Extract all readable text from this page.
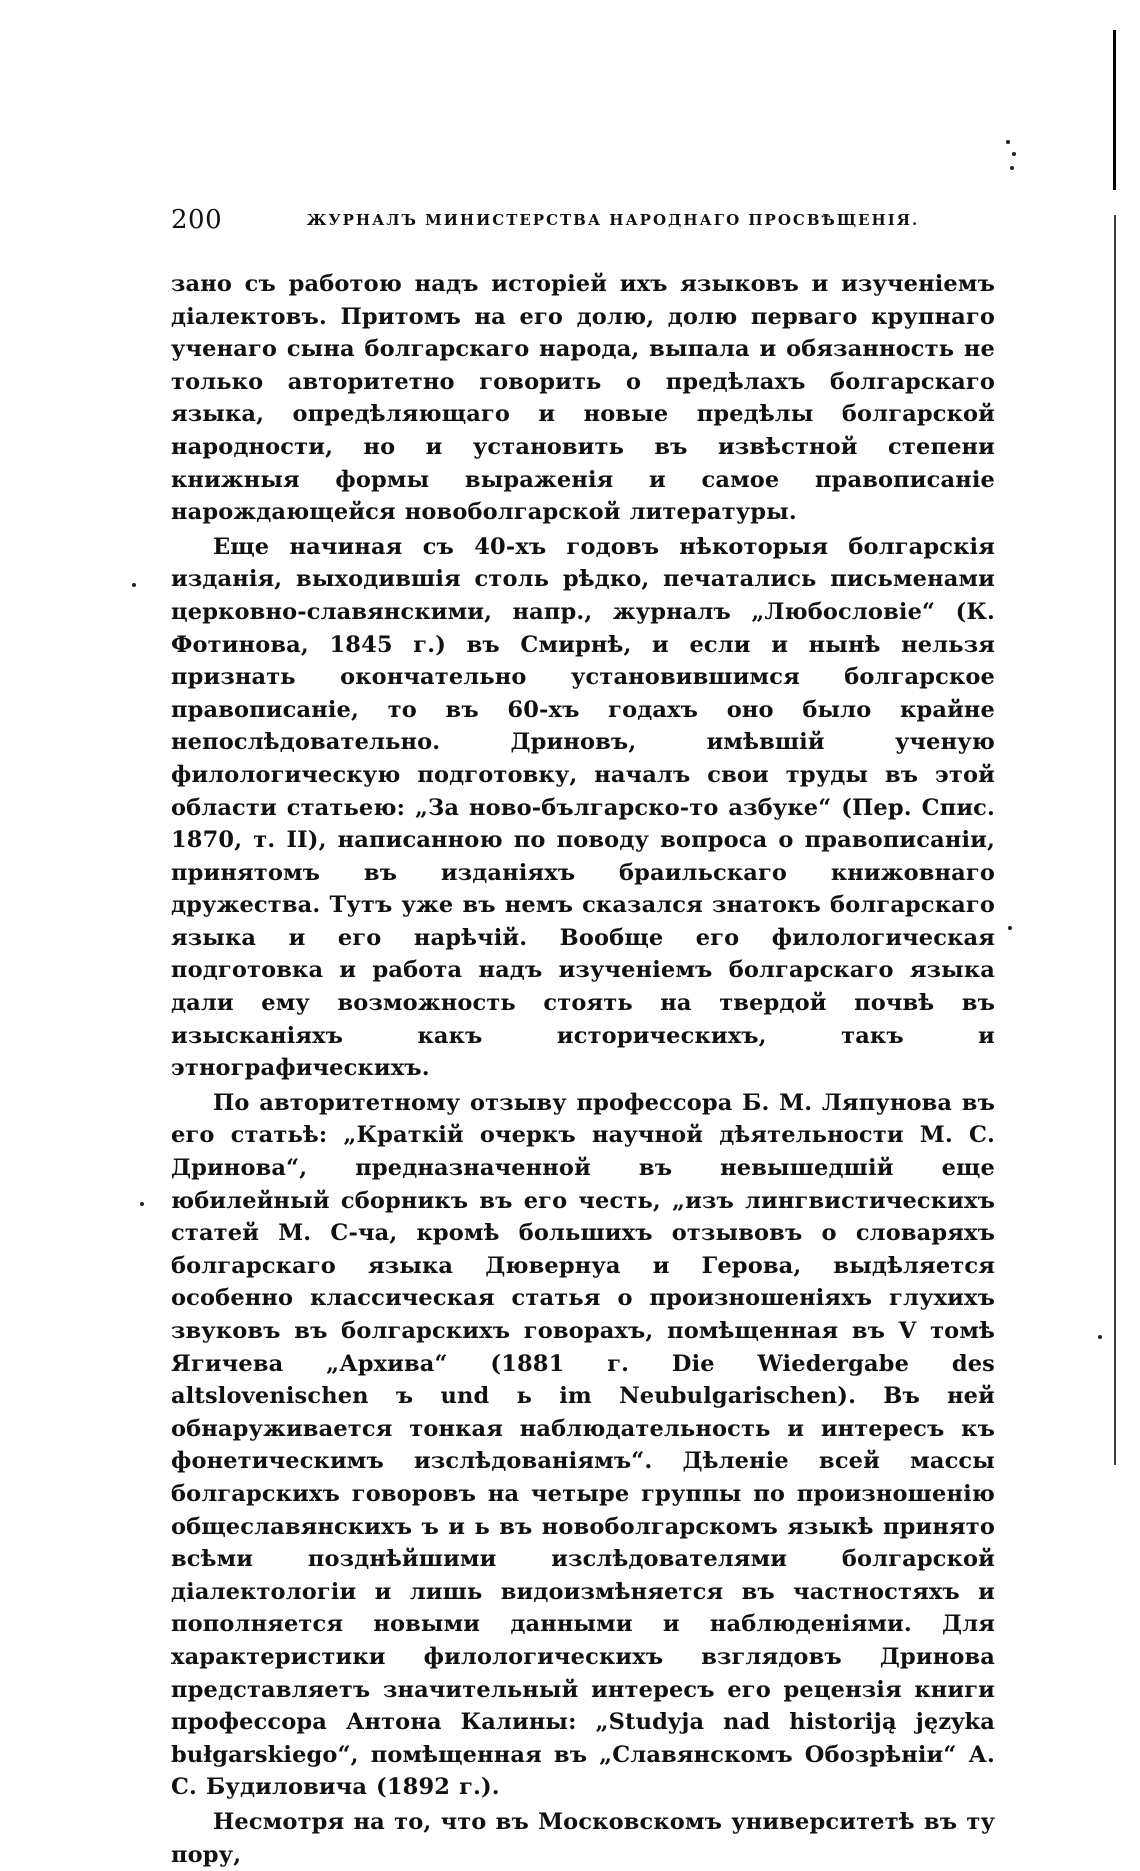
200	ЖУРНАЛЪ МИНИСТЕРСТВА НАРОДНАГО ПРОСВѢЩЕНІЯ.

зано съ работою надъ исторіей ихъ языковъ и изученіемъ діалектовъ. Притомъ на его долю, долю перваго крупнаго ученаго сына болгарскаго народа, выпала и обязанность не только авторитетно говорить о предѣлахъ болгарскаго языка, опредѣляющаго и новые предѣлы болгарской народности, но и установить въ извѣстной степени книжныя формы выраженія и самое правописаніе нарождающейся новоболгарской литературы.

Еще начиная съ 40-хъ годовъ нѣкоторыя болгарскія изданія, выходившія столь рѣдко, печатались письменами церковно-славянскими, напр., журналъ „Любословіе“ (К. Фотинова, 1845 г.) въ Смирнѣ, и если и нынѣ нельзя признать окончательно установившимся болгарское правописаніе, то въ 60-хъ годахъ оно было крайне непослѣдовательно. Дриновъ, имѣвшій ученую филологическую подготовку, началъ свои труды въ этой области статьею: „За ново-българско-то азбуке“ (Пер. Спис. 1870, т. II), написанною по поводу вопроса о правописаніи, принятомъ въ изданіяхъ браильскаго книжовнаго дружества. Тутъ уже въ немъ сказался знатокъ болгарскаго языка и его нарѣчій. Вообще его филологическая подготовка и работа надъ изученіемъ болгарскаго языка дали ему возможность стоять на твердой почвѣ въ изысканіяхъ какъ историческихъ, такъ и этнографическихъ.

По авторитетному отзыву профессора Б. М. Ляпунова въ его статьѣ: „Краткій очеркъ научной дѣятельности М. С. Дринова“, предназначенной въ невышедшій еще юбилейный сборникъ въ его честь, „изъ лингвистическихъ статей М. С-ча, кромѣ большихъ отзывовъ о словаряхъ болгарскаго языка Дювернуа и Герова, выдѣляется особенно классическая статья о произношеніяхъ глухихъ звуковъ въ болгарскихъ говорахъ, помѣщенная въ V томѣ Ягичева „Архива“ (1881 г. Die Wiedergabe des altslovenischen ъ und ь im Neubulgarischen). Въ ней обнаруживается тонкая наблюдательность и интересъ къ фонетическимъ изслѣдованіямъ“. Дѣленіе всей массы болгарскихъ говоровъ на четыре группы по произношенію общеславянскихъ ъ и ь въ новоболгарскомъ языкѣ принято всѣми позднѣйшими изслѣдователями болгарской діалектологіи и лишь видоизмѣняется въ частностяхъ и пополняется новыми данными и наблюденіями. Для характеристики филологическихъ взглядовъ Дринова представляетъ значительный интересъ его рецензія книги профессора Антона Калины: „Studyja nad historiją języka bułgarskiego“, помѣщенная въ „Славянскомъ Обозрѣніи“ А. С. Будиловича (1892 г.).

Несмотря на то, что въ Московскомъ университетѣ въ ту пору,
